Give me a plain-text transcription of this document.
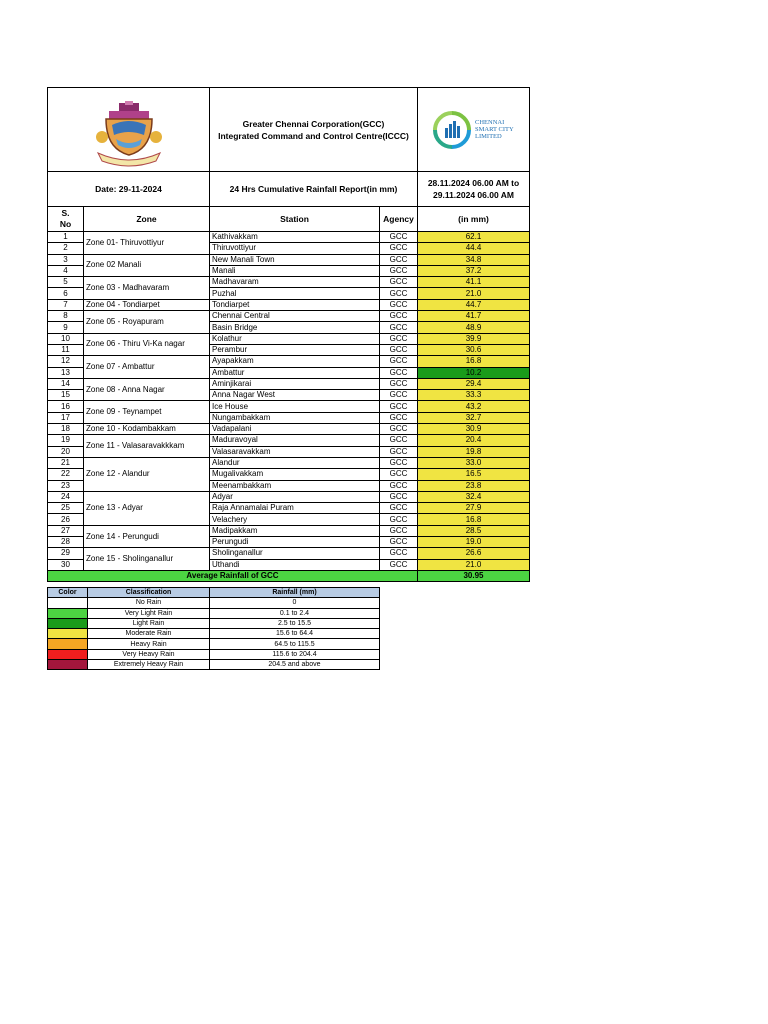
Greater Chennai Corporation(GCC)
Integrated Command and Control Centre(ICCC)		CHENNAI SMART CITY LIMITED

Date: 29-11-2024		24 Hrs Cumulative Rainfall Report(in mm)		28.11.2024 06.00 AM to
29.11.2024 06.00 AM

S.
No	Zone	Station	Agency	(in mm)
1	Zone 01- Thiruvottiyur	Kathivakkam	GCC	62.1
2		Thiruvottiyur	GCC	44.4
3	Zone 02 Manali	New Manali Town	GCC	34.8
4		Manali	GCC	37.2
5	Zone 03 - Madhavaram	Madhavaram	GCC	41.1
6		Puzhal	GCC	21.0
7	Zone 04 - Tondiarpet	Tondiarpet	GCC	44.7
8	Zone 05 - Royapuram	Chennai Central	GCC	41.7
9		Basin Bridge	GCC	48.9
10	Zone 06 - Thiru Vi-Ka nagar	Kolathur	GCC	39.9
11		Perambur	GCC	30.6
12	Zone 07 - Ambattur	Ayapakkam	GCC	16.8
13		Ambattur	GCC	10.2
14	Zone 08 - Anna Nagar	Aminjikarai	GCC	29.4
15		Anna Nagar West	GCC	33.3
16	Zone 09 - Teynampet	Ice House	GCC	43.2
17		Nungambakkam	GCC	32.7
18	Zone 10 - Kodambakkam	Vadapalani	GCC	30.9
19	Zone 11 - Valasaravakkkam	Maduravoyal	GCC	20.4
20		Valasaravakkam	GCC	19.8
21	Zone 12 - Alandur	Alandur	GCC	33.0
22		Mugalivakkam	GCC	16.5
23		Meenambakkam	GCC	23.8
24	Zone 13 - Adyar	Adyar	GCC	32.4
25		Raja Annamalai Puram	GCC	27.9
26		Velachery	GCC	16.8
27	Zone 14 - Perungudi	Madipakkam	GCC	28.5
28		Perungudi	GCC	19.0
29	Zone 15 - Sholinganallur	Sholinganallur	GCC	26.6
30		Uthandi	GCC	21.0
Average Rainfall of GCC				30.95
Color	Classification	Rainfall (mm)
	No Rain	0
	Very Light Rain	0.1 to 2.4
	Light Rain	2.5 to 15.5
	Moderate Rain	15.6 to 64.4
	Heavy Rain	64.5 to 115.5
	Very Heavy Rain	115.6 to 204.4
	Extremely Heavy Rain	204.5 and above
